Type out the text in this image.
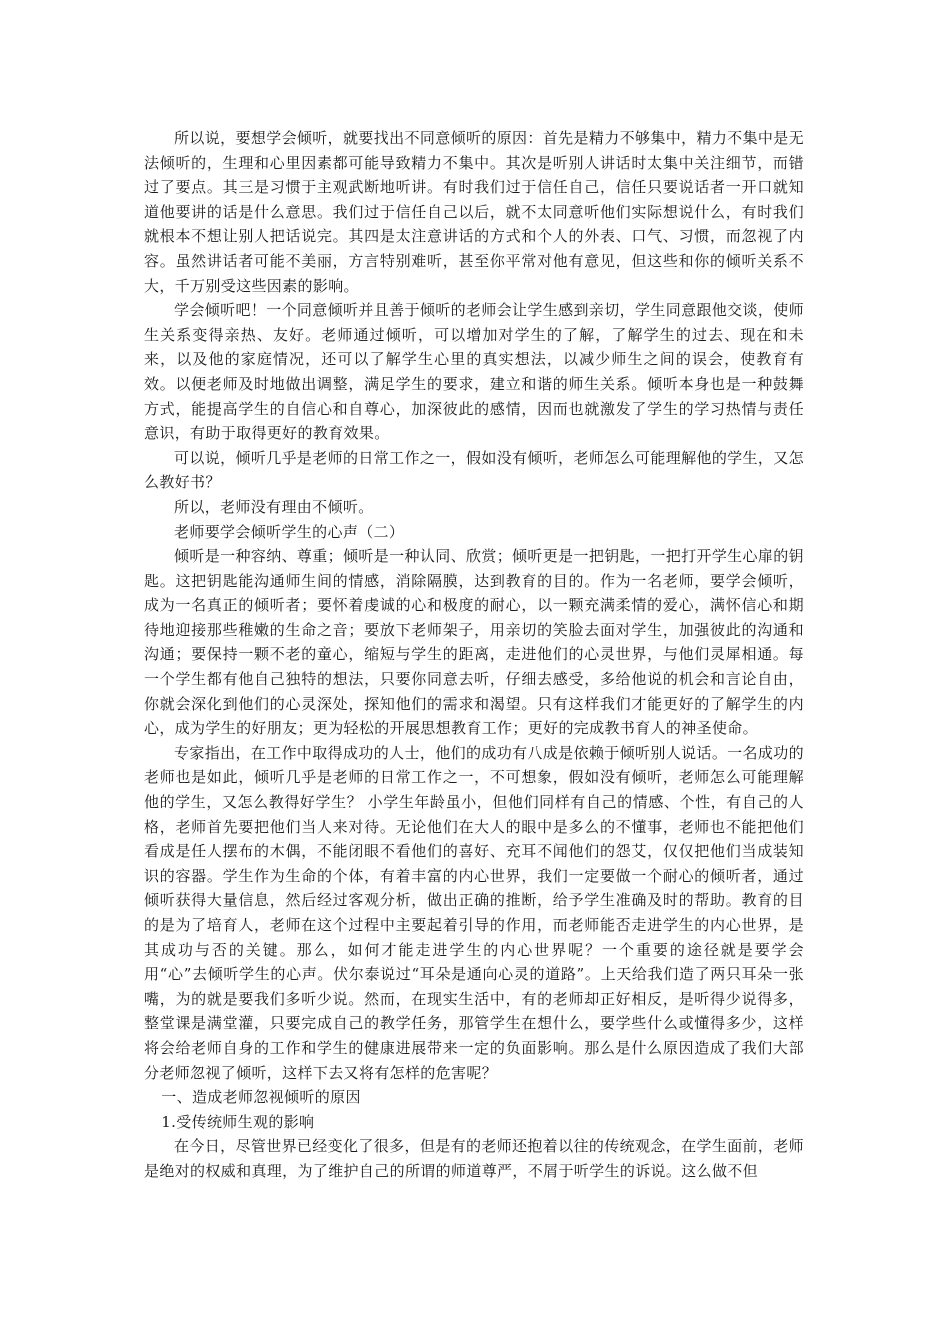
所以说，要想学会倾听，就要找出不同意倾听的原因：首先是精力不够集中，精力不集中是无法倾听的，生理和心里因素都可能导致精力不集中。其次是听别人讲话时太集中关注细节，而错过了要点。其三是习惯于主观武断地听讲。有时我们过于信任自己，信任只要说话者一开口就知道他要讲的话是什么意思。我们过于信任自己以后，就不太同意听他们实际想说什么，有时我们就根本不想让别人把话说完。其四是太注意讲话的方式和个人的外表、口气、习惯，而忽视了内容。虽然讲话者可能不美丽，方言特别难听，甚至你平常对他有意见，但这些和你的倾听关系不大，千万别受这些因素的影响。

学会倾听吧！一个同意倾听并且善于倾听的老师会让学生感到亲切，学生同意跟他交谈，使师生关系变得亲热、友好。老师通过倾听，可以增加对学生的了解，了解学生的过去、现在和未来，以及他的家庭情况，还可以了解学生心里的真实想法，以减少师生之间的误会，使教育有效。以便老师及时地做出调整，满足学生的要求，建立和谐的师生关系。倾听本身也是一种鼓舞方式，能提高学生的自信心和自尊心，加深彼此的感情，因而也就激发了学生的学习热情与责任意识，有助于取得更好的教育效果。

可以说，倾听几乎是老师的日常工作之一，假如没有倾听，老师怎么可能理解他的学生，又怎么教好书？

所以，老师没有理由不倾听。

老师要学会倾听学生的心声（二）

倾听是一种容纳、尊重；倾听是一种认同、欣赏；倾听更是一把钥匙，一把打开学生心扉的钥匙。这把钥匙能沟通师生间的情感，消除隔膜，达到教育的目的。作为一名老师，要学会倾听，成为一名真正的倾听者；要怀着虔诚的心和极度的耐心，以一颗充满柔情的爱心，满怀信心和期待地迎接那些稚嫩的生命之音；要放下老师架子，用亲切的笑脸去面对学生，加强彼此的沟通和沟通；要保持一颗不老的童心，缩短与学生的距离，走进他们的心灵世界，与他们灵犀相通。每一个学生都有他自己独特的想法，只要你同意去听，仔细去感受，多给他说的机会和言论自由，你就会深化到他们的心灵深处，探知他们的需求和渴望。只有这样我们才能更好的了解学生的内心，成为学生的好朋友；更为轻松的开展思想教育工作；更好的完成教书育人的神圣使命。

专家指出，在工作中取得成功的人士，他们的成功有八成是依赖于倾听别人说话。一名成功的老师也是如此，倾听几乎是老师的日常工作之一，不可想象，假如没有倾听，老师怎么可能理解他的学生，又怎么教得好学生？ 小学生年龄虽小，但他们同样有自己的情感、个性，有自己的人格，老师首先要把他们当人来对待。无论他们在大人的眼中是多么的不懂事，老师也不能把他们看成是任人摆布的木偶，不能闭眼不看他们的喜好、充耳不闻他们的怨艾，仅仅把他们当成装知识的容器。学生作为生命的个体，有着丰富的内心世界，我们一定要做一个耐心的倾听者，通过倾听获得大量信息，然后经过客观分析，做出正确的推断，给予学生准确及时的帮助。教育的目的是为了培育人，老师在这个过程中主要起着引导的作用，而老师能否走进学生的内心世界，是其成功与否的关键。那么，如何才能走进学生的内心世界呢？一个重要的途径就是要学会用“心”去倾听学生的心声。伏尔泰说过“耳朵是通向心灵的道路”。上天给我们造了两只耳朵一张嘴，为的就是要我们多听少说。然而，在现实生活中，有的老师却正好相反，是听得少说得多，整堂课是满堂灌，只要完成自己的教学任务，那管学生在想什么，要学些什么或懂得多少，这样将会给老师自身的工作和学生的健康进展带来一定的负面影响。那么是什么原因造成了我们大部分老师忽视了倾听，这样下去又将有怎样的危害呢？

一、造成老师忽视倾听的原因

1.受传统师生观的影响

在今日，尽管世界已经变化了很多，但是有的老师还抱着以往的传统观念，在学生面前，老师是绝对的权威和真理，为了维护自己的所谓的师道尊严，不屑于听学生的诉说。这么做不但
